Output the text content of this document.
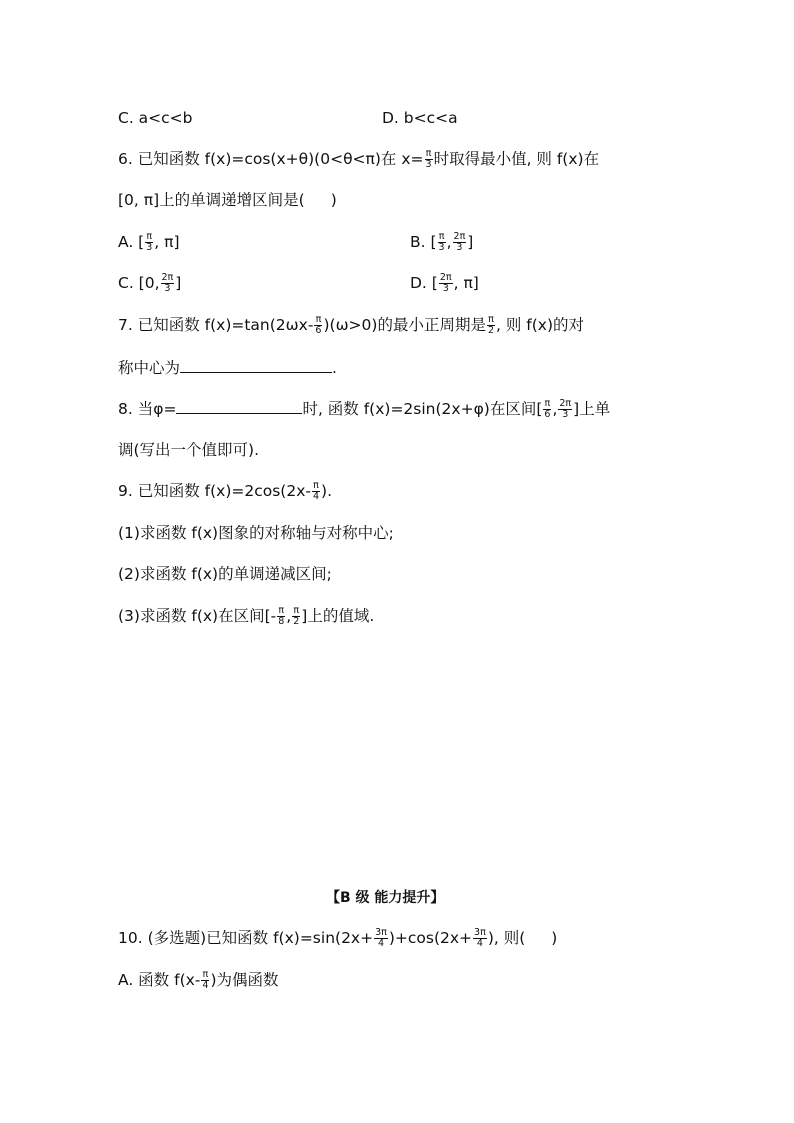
C. a<c<b	D. b<c<a
6. 已知函数 f(x)=cos(x+θ)(0<θ<π)在 $x= \frac{\pi}{3}$ 时取得最小值, 则 f(x)在
[0, π]上的单调递增区间是( )
A. [ $\frac{\pi}{3}$ , π]	B. [ $\frac{\pi}{3}$ , $\frac{2\pi}{3}$ ]
C. [0, $\frac{2\pi}{3}$ ]	D. [ $\frac{2\pi}{3}$ , π]
7. 已知函数 $f(x)=\tan(2\omega x- \frac{\pi}{6} )(\omega>0)$的最小正周期是 $\frac{\pi}{2}$ , 则 f(x)的对
称中心为	.
8. 当φ=	时, 函数 f(x)=2sin(2x+φ)在区间[ $\frac{\pi}{6}$ , $\frac{2\pi}{3}$ ]上单
调(写出一个值即可).
9. 已知函数 $f(x)=2\cos(2x- \frac{\pi}{4}$ ).
(1)求函数 f(x)图象的对称轴与对称中心;
(2)求函数 f(x)的单调递减区间;
(3)求函数 f(x)在区间[- $\frac{\pi}{8}$ , $\frac{\pi}{2}$ ]上的值域.
【B 级 能力提升】
10. (多选题)已知函数 $f(x)=\sin(2x+ \frac{3\pi}{4} )+\cos(2x+ \frac{3\pi}{4}$ ), 则( )
A. 函数 $f(x- \frac{\pi}{4}$ )为偶函数
